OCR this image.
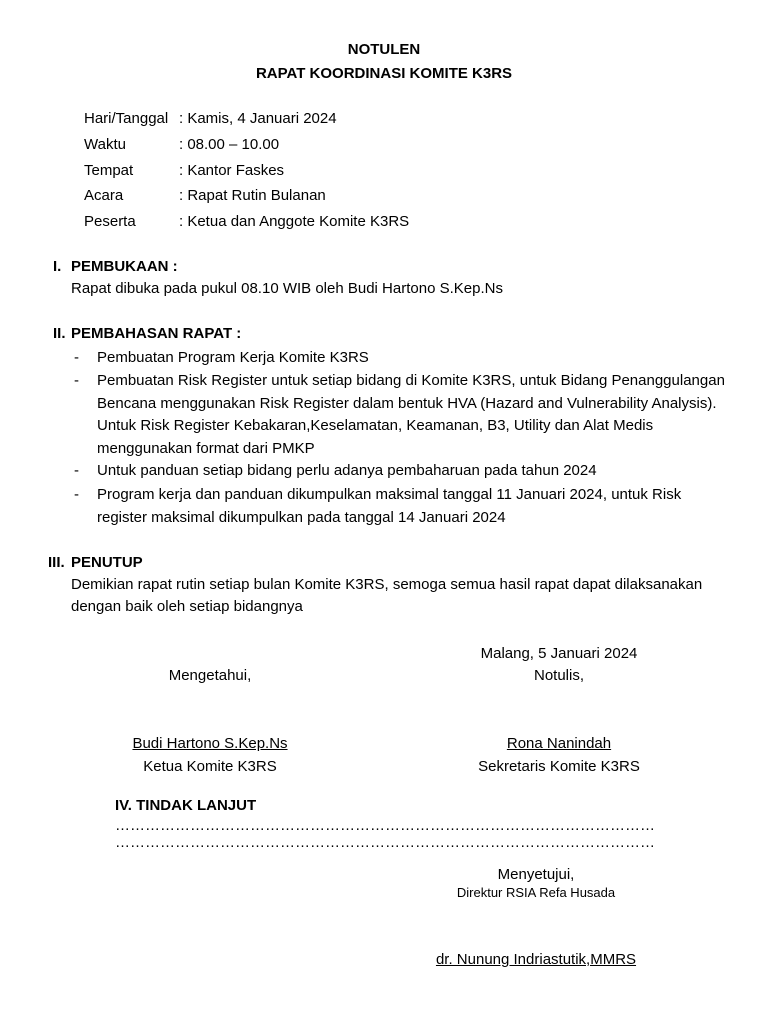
NOTULEN
RAPAT KOORDINASI KOMITE K3RS
Hari/Tanggal : Kamis, 4 Januari 2024
Waktu	: 08.00 – 10.00
Tempat	: Kantor Faskes
Acara	: Rapat Rutin Bulanan
Peserta	: Ketua dan Anggote Komite K3RS
I. PEMBUKAAN :
Rapat dibuka pada pukul 08.10 WIB oleh Budi Hartono S.Kep.Ns
II. PEMBAHASAN RAPAT :
- Pembuatan Program Kerja Komite K3RS
- Pembuatan Risk Register untuk setiap bidang di Komite K3RS, untuk Bidang Penanggulangan
Bencana menggunakan Risk Register dalam bentuk HVA (Hazard and Vulnerability Analysis).
Untuk Risk Register Kebakaran,Keselamatan, Keamanan, B3, Utility dan Alat Medis
menggunakan format dari PMKP
- Untuk panduan setiap bidang perlu adanya pembaharuan pada tahun 2024
- Program kerja dan panduan dikumpulkan maksimal tanggal 11 Januari 2024, untuk Risk
register maksimal dikumpulkan pada tanggal 14 Januari 2024
III. PENUTUP
Demikian rapat rutin setiap bulan Komite K3RS, semoga semua hasil rapat dapat dilaksanakan
dengan baik oleh setiap bidangnya
Malang, 5 Januari 2024
Mengetahui,	Notulis,
Budi Hartono S.Kep.Ns
Ketua Komite K3RS
Rona Nanindah
Sekretaris Komite K3RS
IV. TINDAK LANJUT
………………………………………………………………………………………………
………………………………………………………………………………………………
Menyetujui,
Direktur RSIA Refa Husada
dr. Nunung Indriastutik,MMRS
